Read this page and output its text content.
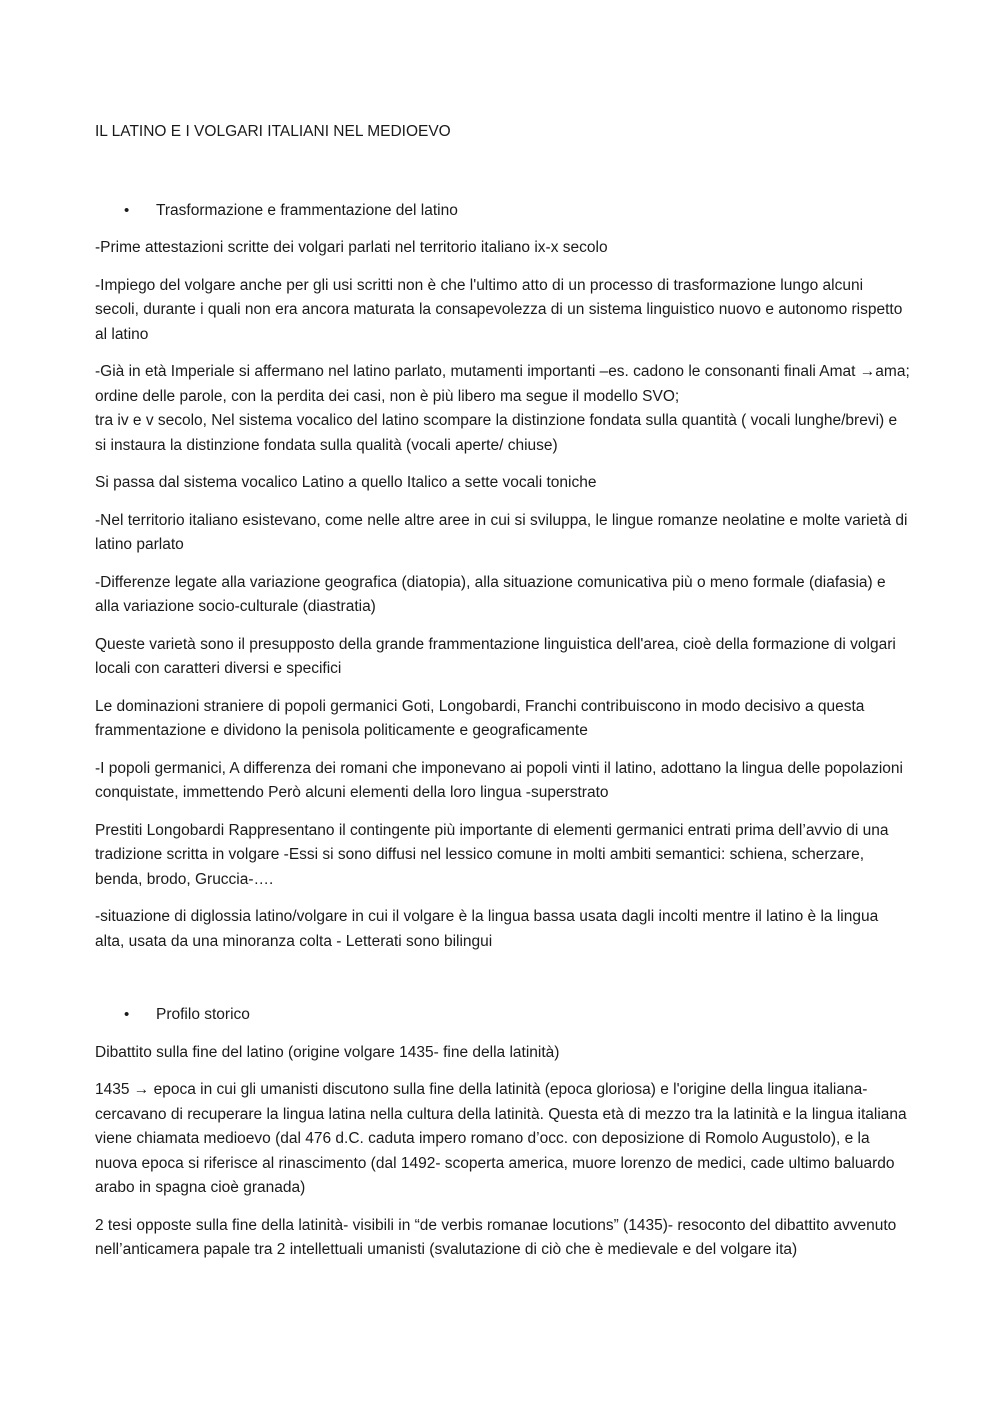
IL LATINO E I VOLGARI ITALIANI NEL MEDIOEVO

• Trasformazione e frammentazione del latino

-Prime attestazioni scritte dei volgari parlati nel territorio italiano ix-x secolo

-Impiego del volgare anche per gli usi scritti non è che l'ultimo atto di un processo di trasformazione lungo alcuni secoli, durante i quali non era ancora maturata la consapevolezza di un sistema linguistico nuovo e autonomo rispetto al latino

-Già in età Imperiale si affermano nel latino parlato, mutamenti importanti –es. cadono le consonanti finali Amat →ama; ordine delle parole, con la perdita dei casi, non è più libero ma segue il modello SVO;

tra iv e v secolo, Nel sistema vocalico del latino scompare la distinzione fondata sulla quantità ( vocali lunghe/brevi) e si instaura la distinzione fondata sulla qualità (vocali aperte/ chiuse)

Si passa dal sistema vocalico Latino a quello Italico a sette vocali toniche

-Nel territorio italiano esistevano, come nelle altre aree in cui si sviluppa, le lingue romanze neolatine e molte varietà di latino parlato

-Differenze legate alla variazione geografica (diatopia), alla situazione comunicativa più o meno formale (diafasia) e alla variazione socio-culturale (diastratia)

Queste varietà sono il presupposto della grande frammentazione linguistica dell'area, cioè della formazione di volgari locali con caratteri diversi e specifici

Le dominazioni straniere di popoli germanici Goti, Longobardi, Franchi contribuiscono in modo decisivo a questa frammentazione e dividono la penisola politicamente e geograficamente

-I popoli germanici, A differenza dei romani che imponevano ai popoli vinti il latino, adottano la lingua delle popolazioni conquistate, immettendo Però alcuni elementi della loro lingua -superstrato

Prestiti Longobardi Rappresentano il contingente più importante di elementi germanici entrati prima dell’avvio di una tradizione scritta in volgare -Essi si sono diffusi nel lessico comune in molti ambiti semantici: schiena, scherzare, benda, brodo, Gruccia-….

-situazione di diglossia latino/volgare in cui il volgare è la lingua bassa usata dagli incolti mentre il latino è la lingua alta, usata da una minoranza colta - Letterati sono bilingui

• Profilo storico

Dibattito sulla fine del latino (origine volgare 1435- fine della latinità)

1435 → epoca in cui gli umanisti discutono sulla fine della latinità (epoca gloriosa) e l'origine della lingua italiana- cercavano di recuperare la lingua latina nella cultura della latinità. Questa età di mezzo tra la latinità e la lingua italiana viene chiamata medioevo (dal 476 d.C. caduta impero romano d’occ. con deposizione di Romolo Augustolo), e la nuova epoca si riferisce al rinascimento (dal 1492- scoperta america, muore lorenzo de medici, cade ultimo baluardo arabo in spagna cioè granada)

2 tesi opposte sulla fine della latinità- visibili in “de verbis romanae locutions” (1435)- resoconto del dibattito avvenuto nell’anticamera papale tra 2 intellettuali umanisti (svalutazione di ciò che è medievale e del volgare ita)
